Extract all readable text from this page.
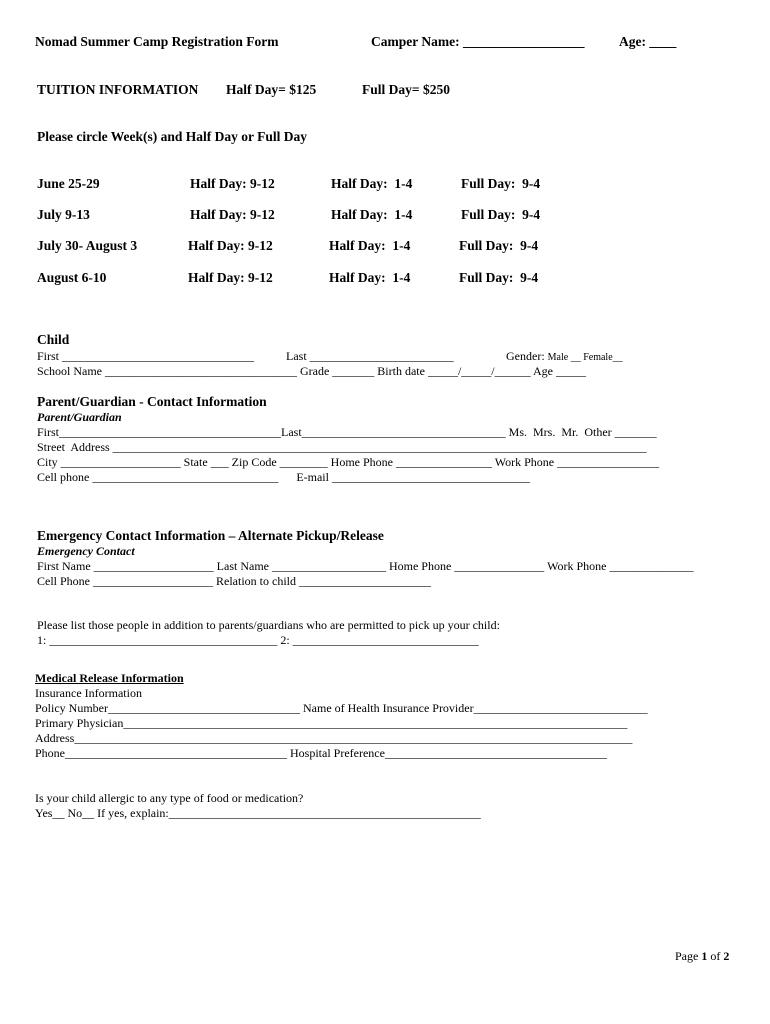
Nomad Summer Camp Registration Form	Camper Name: __________________	Age: ____
TUITION INFORMATION Half Day= $125	Full Day= $250
Please circle Week(s) and Half Day or Full Day
June 25-29	Half Day: 9-12	Half Day:  1-4	Full Day:  9-4
July 9-13	Half Day: 9-12	Half Day:  1-4	Full Day:  9-4
July 30- August 3	Half Day: 9-12	Half Day:  1-4	Full Day:  9-4
August 6-10	Half Day: 9-12	Half Day:  1-4	Full Day:  9-4
Child
First ________________________________	Last ________________________	Gender: Male __ Female__
School Name ________________________________ Grade _______ Birth date _____/_____/______ Age _____
Parent/Guardian - Contact Information
Parent/Guardian
First_____________________________________Last__________________________________ Ms.  Mrs.  Mr.  Other _______
Street  Address _________________________________________________________________________________________
City ____________________ State ___ Zip Code ________ Home Phone ________________ Work Phone _________________
Cell phone _______________________________      E-mail _________________________________
Emergency Contact Information – Alternate Pickup/Release
Emergency Contact
First Name ____________________ Last Name ___________________ Home Phone _______________ Work Phone ______________
Cell Phone ____________________ Relation to child ______________________
Please list those people in addition to parents/guardians who are permitted to pick up your child:
1: ______________________________________ 2: _______________________________
Medical Release Information
Insurance Information
Policy Number________________________________ Name of Health Insurance Provider_____________________________
Primary Physician____________________________________________________________________________________
Address_____________________________________________________________________________________________
Phone_____________________________________ Hospital Preference_____________________________________
Is your child allergic to any type of food or medication?
Yes__ No__ If yes, explain:____________________________________________________
Page 1 of 2
